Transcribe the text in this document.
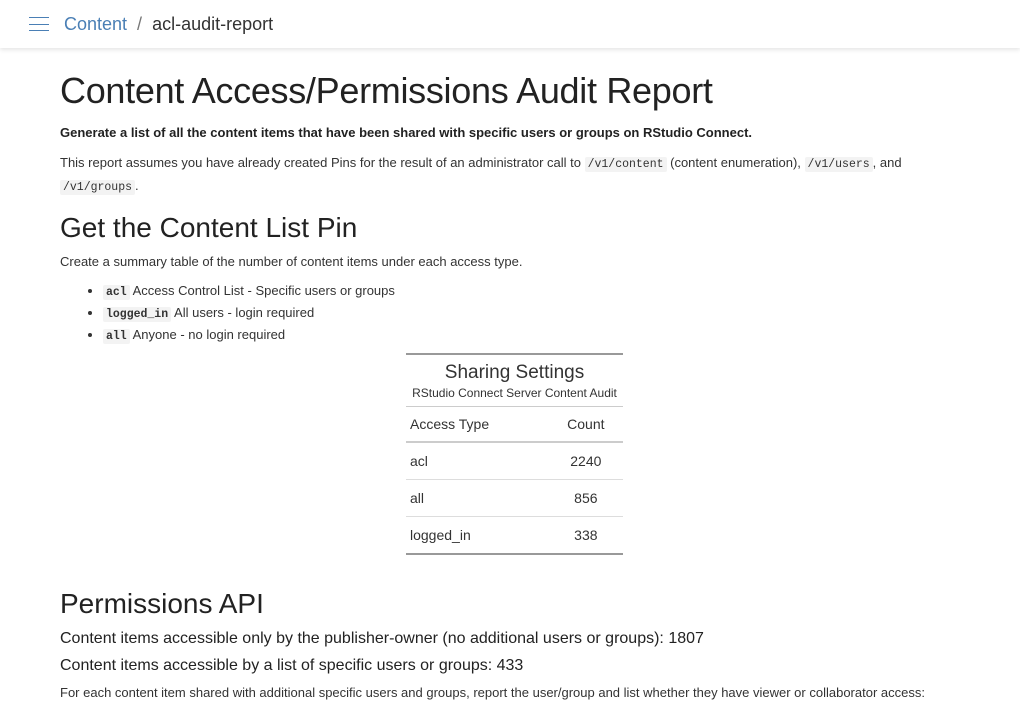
Content / acl-audit-report
Content Access/Permissions Audit Report
Generate a list of all the content items that have been shared with specific users or groups on RStudio Connect.

This report assumes you have already created Pins for the result of an administrator call to /v1/content (content enumeration), /v1/users , and
/v1/groups .

Get the Content List Pin

Create a summary table of the number of content items under each access type.

• acl Access Control List - Specific users or groups
• logged_in All users - login required
• all Anyone - no login required
Sharing Settings	
RStudio Connect Server Content Audit	
Access Type	Count
acl	2240
all	856
logged_in	338
Permissions API
Content items accessible only by the publisher-owner (no additional users or groups): 1807
Content items accessible by a list of specific users or groups: 433
For each content item shared with additional specific users and groups, report the user/group and list whether they have viewer or collaborator access:
